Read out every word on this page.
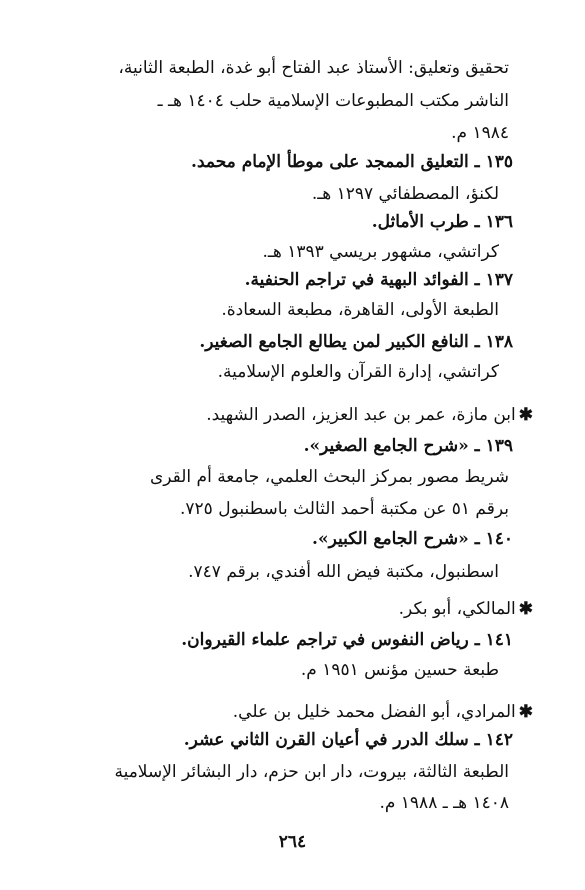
تحقيق وتعليق: الأستاذ عبد الفتاح أبو غدة، الطبعة الثانية،
الناشر مكتب المطبوعات الإسلامية حلب ١٤٠٤ هـ ـ
١٩٨٤ م.
١٣٥ ـ التعليق الممجد على موطأ الإمام محمد.
لكنؤ، المصطفائي ١٢٩٧ هـ.
١٣٦ ـ طرب الأماثل.
كراتشي، مشهور بريسي ١٣٩٣ هـ.
١٣٧ ـ الفوائد البهية في تراجم الحنفية.
الطبعة الأولى، القاهرة، مطبعة السعادة.
١٣٨ ـ النافع الكبير لمن يطالع الجامع الصغير.
كراتشي، إدارة القرآن والعلوم الإسلامية.
✱ابن مازة، عمر بن عبد العزيز، الصدر الشهيد.
١٣٩ ـ «شرح الجامع الصغير».
شريط مصور بمركز البحث العلمي، جامعة أم القرى
برقم ٥١ عن مكتبة أحمد الثالث باسطنبول ٧٢٥.
١٤٠ ـ «شرح الجامع الكبير».
اسطنبول، مكتبة فيض الله أفندي، برقم ٧٤٧.
✱المالكي، أبو بكر.
١٤١ ـ رياض النفوس في تراجم علماء القيروان.
طبعة حسين مؤنس ١٩٥١ م.
✱المرادي، أبو الفضل محمد خليل بن علي.
١٤٢ ـ سلك الدرر في أعيان القرن الثاني عشر.
الطبعة الثالثة، بيروت، دار ابن حزم، دار البشائر الإسلامية
١٤٠٨ هـ ـ ١٩٨٨ م.
٢٦٤
